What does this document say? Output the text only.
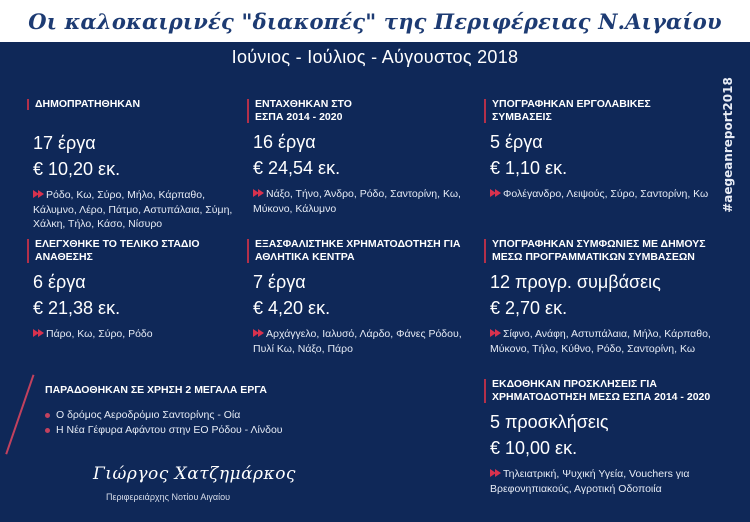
Οι καλοκαιρινές "διακοπές" της Περιφέρειας Ν.Αιγαίου
Ιούνιος - Ιούλιος - Αύγουστος 2018
#aegeanreport2018
ΔΗΜΟΠΡΑΤΗΘΗΚΑΝ
17 έργα
€ 10,20 εκ.
Ρόδο, Κω, Σύρο, Μήλο, Κάρπαθο, Κάλυμνο, Λέρο, Πάτμο, Αστυπάλαια, Σύμη, Χάλκη, Τήλο, Κάσο, Νίσυρο
ΕΝΤΑΧΘΗΚΑΝ ΣΤΟ ΕΣΠΑ 2014 - 2020
16 έργα
€ 24,54 εκ.
Νάξο, Τήνο, Άνδρο, Ρόδο, Σαντορίνη, Κω, Μύκονο, Κάλυμνο
ΥΠΟΓΡΑΦΗΚΑΝ ΕΡΓΟΛΑΒΙΚΕΣ ΣΥΜΒΑΣΕΙΣ
5 έργα
€ 1,10 εκ.
Φολέγανδρο, Λειψούς, Σύρο, Σαντορίνη, Κω
ΕΛΕΓΧΘΗΚΕ ΤΟ ΤΕΛΙΚΟ ΣΤΑΔΙΟ ΑΝΑΘΕΣΗΣ
6 έργα
€ 21,38 εκ.
Πάρο, Κω, Σύρο, Ρόδο
ΕΞΑΣΦΑΛΙΣΤΗΚΕ ΧΡΗΜΑΤΟΔΟΤΗΣΗ ΓΙΑ ΑΘΛΗΤΙΚΑ ΚΕΝΤΡΑ
7 έργα
€ 4,20 εκ.
Αρχάγγελο, Ιαλυσό, Λάρδο, Φάνες Ρόδου, Πυλί Κω, Νάξο, Πάρο
ΥΠΟΓΡΑΦΗΚΑΝ ΣΥΜΦΩΝΙΕΣ ΜΕ ΔΗΜΟΥΣ ΜΕΣΩ ΠΡΟΓΡΑΜΜΑΤΙΚΩΝ ΣΥΜΒΑΣΕΩΝ
12 προγρ. συμβάσεις
€ 2,70 εκ.
Σίφνο, Ανάφη, Αστυπάλαια, Μήλο, Κάρπαθο, Μύκονο, Τήλο, Κύθνο, Ρόδο, Σαντορίνη, Κω
ΕΚΔΟΘΗΚΑΝ ΠΡΟΣΚΛΗΣΕΙΣ ΓΙΑ ΧΡΗΜΑΤΟΔΟΤΗΣΗ ΜΕΣΩ ΕΣΠΑ 2014 - 2020
5 προσκλήσεις
€ 10,00 εκ.
Τηλειατρική, Ψυχική Υγεία, Vouchers για Βρεφονηπιακούς, Αγροτική Οδοποιία
ΠΑΡΑΔΟΘΗΚΑΝ ΣΕ ΧΡΗΣΗ 2 ΜΕΓΑΛΑ ΕΡΓΑ
Ο δρόμος Αεροδρόμιο Σαντορίνης - Οία
Η Νέα Γέφυρα Αφάντου στην ΕΟ Ρόδου - Λίνδου
Γιώργος Χατζημάρκος
Περιφερειάρχης Νοτίου Αιγαίου
